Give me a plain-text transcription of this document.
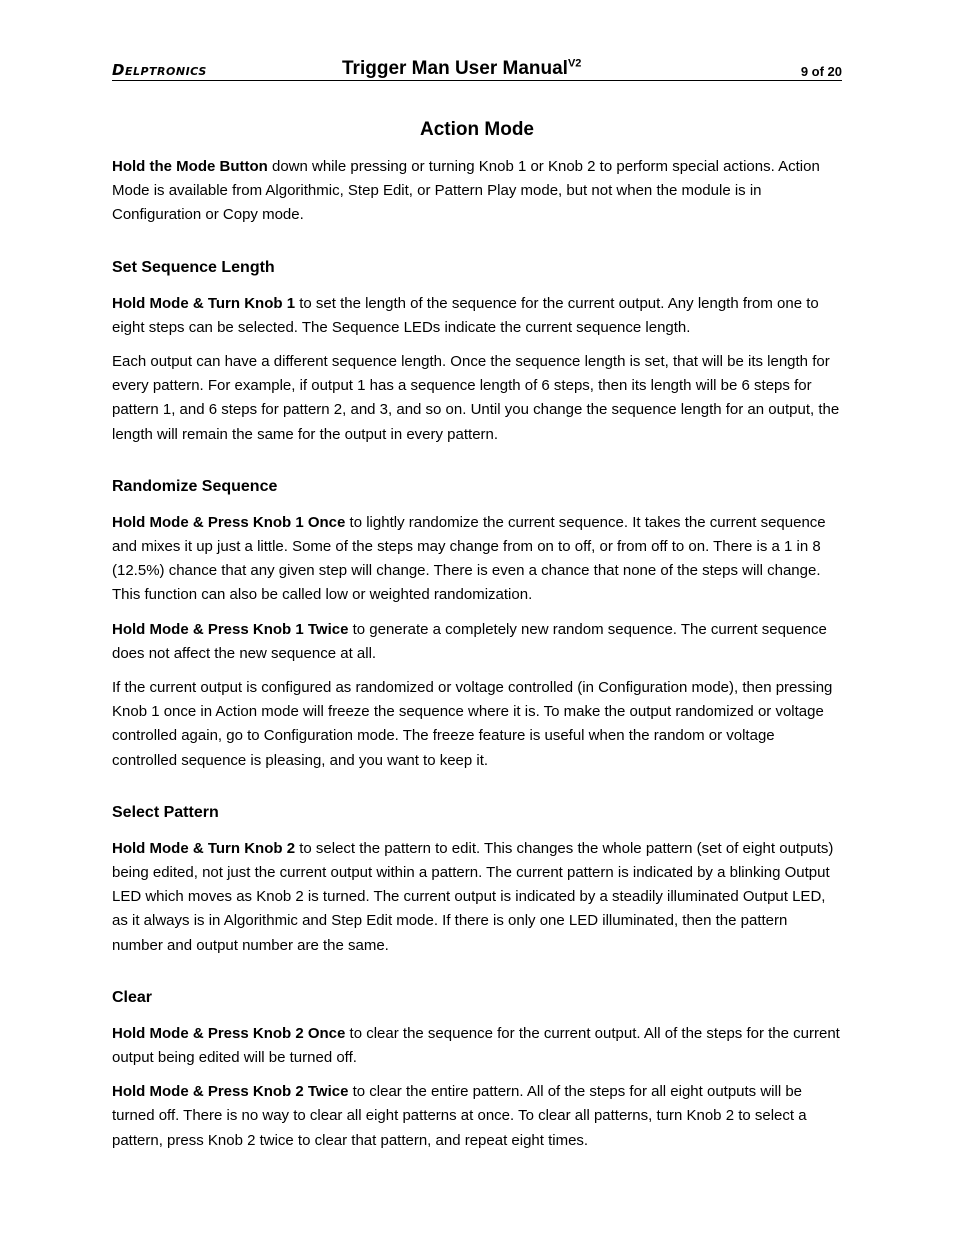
Delptronics	Trigger Man User Manual$^{V2}$
9 of 20
Action Mode

Hold the Mode Button down while pressing or turning Knob 1 or Knob 2 to perform special actions. Action Mode is available from Algorithmic, Step Edit, or Pattern Play mode, but not when the module is in Configuration or Copy mode.

Set Sequence Length

Hold Mode & Turn Knob 1 to set the length of the sequence for the current output. Any length from one to eight steps can be selected. The Sequence LEDs indicate the current sequence length.

Each output can have a different sequence length. Once the sequence length is set, that will be its length for every pattern. For example, if output 1 has a sequence length of 6 steps, then its length will be 6 steps for pattern 1, and 6 steps for pattern 2, and 3, and so on. Until you change the sequence length for an output, the length will remain the same for the output in every pattern.

Randomize Sequence

Hold Mode & Press Knob 1 Once to lightly randomize the current sequence. It takes the current sequence and mixes it up just a little. Some of the steps may change from on to off, or from off to on. There is a 1 in 8 (12.5%) chance that any given step will change. There is even a chance that none of the steps will change. This function can also be called low or weighted randomization.

Hold Mode & Press Knob 1 Twice to generate a completely new random sequence. The current sequence does not affect the new sequence at all.

If the current output is configured as randomized or voltage controlled (in Configuration mode), then pressing Knob 1 once in Action mode will freeze the sequence where it is. To make the output randomized or voltage controlled again, go to Configuration mode. The freeze feature is useful when the random or voltage controlled sequence is pleasing, and you want to keep it.

Select Pattern

Hold Mode & Turn Knob 2 to select the pattern to edit. This changes the whole pattern (set of eight outputs) being edited, not just the current output within a pattern. The current pattern is indicated by a blinking Output LED which moves as Knob 2 is turned. The current output is indicated by a steadily illuminated Output LED, as it always is in Algorithmic and Step Edit mode. If there is only one LED illuminated, then the pattern number and output number are the same.

Clear

Hold Mode & Press Knob 2 Once to clear the sequence for the current output. All of the steps for the current output being edited will be turned off.

Hold Mode & Press Knob 2 Twice to clear the entire pattern. All of the steps for all eight outputs will be turned off. There is no way to clear all eight patterns at once. To clear all patterns, turn Knob 2 to select a pattern, press Knob 2 twice to clear that pattern, and repeat eight times.
